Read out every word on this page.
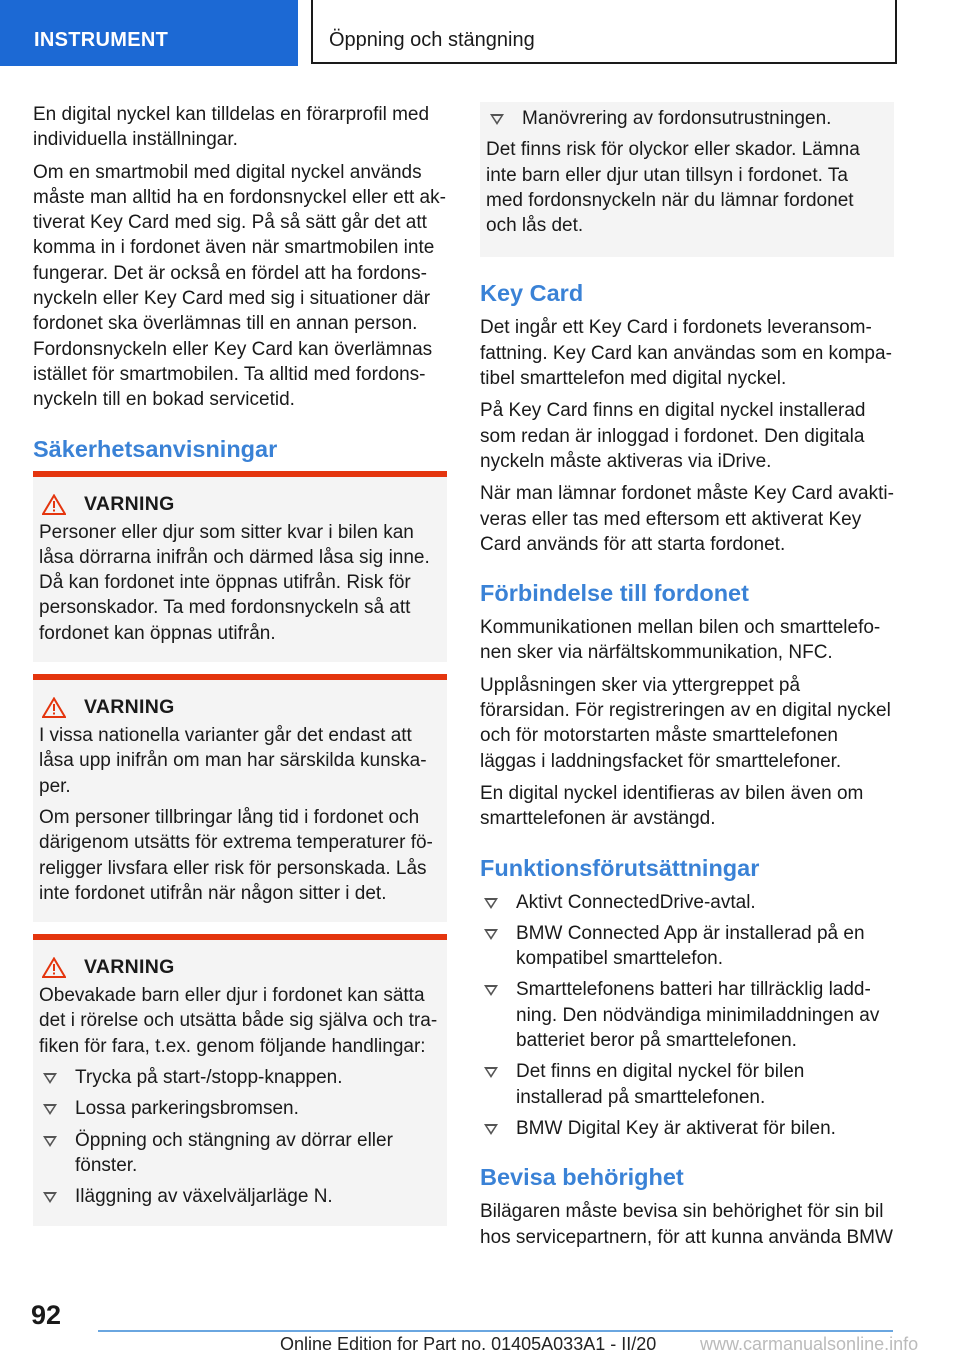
INSTRUMENT	Öppning och stängning

En digital nyckel kan tilldelas en förarprofil med individuella inställningar.

Om en smartmobil med digital nyckel används måste man alltid ha en fordonsnyckel eller ett ak-tiverat Key Card med sig. På så sätt går det att komma in i fordonet även när smartmobilen inte fungerar. Det är också en fördel att ha fordons-nyckeln eller Key Card med sig i situationer där fordonet ska överlämnas till en annan person. Fordonsnyckeln eller Key Card kan överlämnas istället för smartmobilen. Ta alltid med fordons-nyckeln till en bokad servicetid.

Säkerhetsanvisningar
VARNING

Personer eller djur som sitter kvar i bilen kan låsa dörrarna inifrån och därmed låsa sig inne. Då kan fordonet inte öppnas utifrån. Risk för personskador. Ta med fordonsnyckeln så att fordonet kan öppnas utifrån.

VARNING

I vissa nationella varianter går det endast att låsa upp inifrån om man har särskilda kunska-per.

Om personer tillbringar lång tid i fordonet och därigenom utsätts för extrema temperaturer fö-religger livsfara eller risk för personskada. Lås inte fordonet utifrån när någon sitter i det.

VARNING

Obevakade barn eller djur i fordonet kan sätta det i rörelse och utsätta både sig själva och tra-fiken för fara, t.ex. genom följande handlingar:

Trycka på start-/stopp-knappen.
Lossa parkeringsbromsen.
Öppning och stängning av dörrar eller fönster.
Iläggning av växelväljarläge N.
Manövrering av fordonsutrustningen.

Det finns risk för olyckor eller skador. Lämna inte barn eller djur utan tillsyn i fordonet. Ta med fordonsnyckeln när du lämnar fordonet och lås det.

Key Card

Det ingår ett Key Card i fordonets leveransom-fattning. Key Card kan användas som en kompa-tibel smarttelefon med digital nyckel.

På Key Card finns en digital nyckel installerad som redan är inloggad i fordonet. Den digitala nyckeln måste aktiveras via iDrive.

När man lämnar fordonet måste Key Card avakti-veras eller tas med eftersom ett aktiverat Key Card används för att starta fordonet.

Förbindelse till fordonet

Kommunikationen mellan bilen och smarttelefo-nen sker via närfältskommunikation, NFC.

Upplåsningen sker via yttergreppet på förarsidan. För registreringen av en digital nyckel och för motorstarten måste smarttelefonen läggas i laddningsfacket för smarttelefoner.

En digital nyckel identifieras av bilen även om smarttelefonen är avstängd.

Funktionsförutsättningar
Aktivt ConnectedDrive-avtal.
BMW Connected App är installerad på en kompatibel smarttelefon.
Smarttelefonens batteri har tillräcklig ladd-ning. Den nödvändiga minimiladdningen av batteriet beror på smarttelefonen.
Det finns en digital nyckel för bilen installerad på smarttelefonen.
BMW Digital Key är aktiverat för bilen.
Bevisa behörighet

Bilägaren måste bevisa sin behörighet för sin bil hos servicepartnern, för att kunna använda BMW

92
Online Edition for Part no. 01405A033A1 - II/20 www.carmanualsonline.info
